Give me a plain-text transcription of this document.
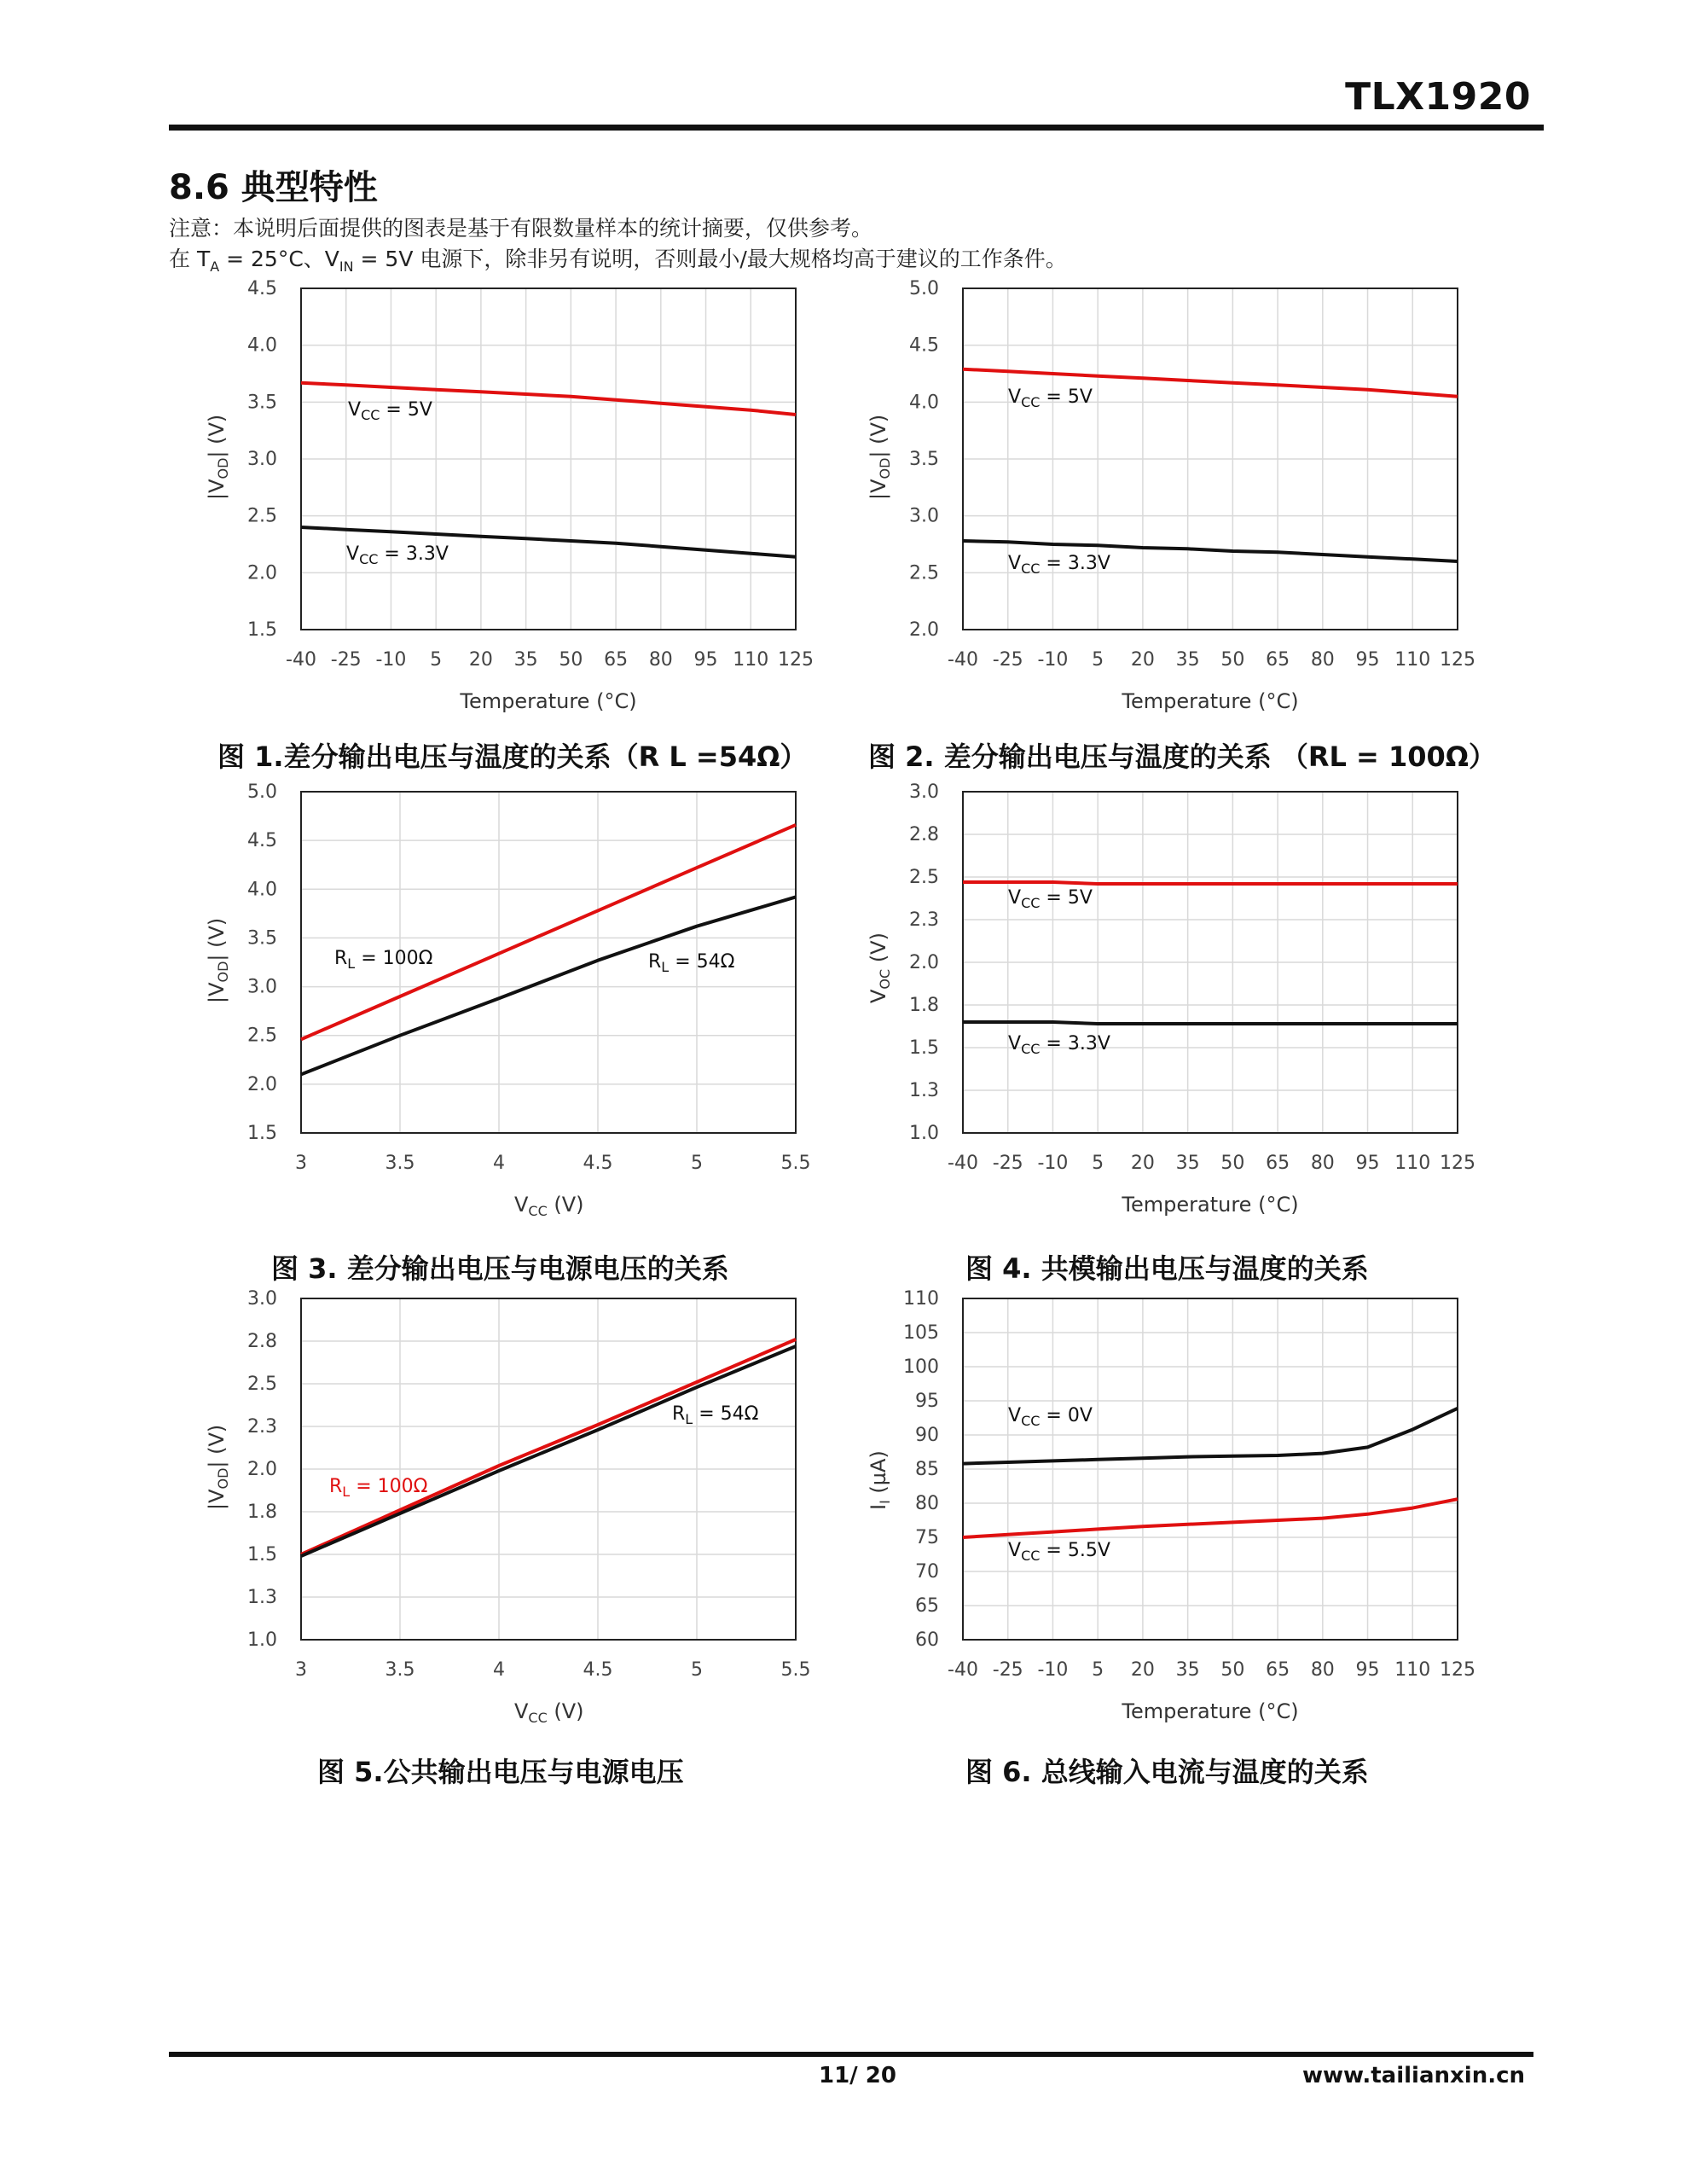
TLX1920
8.6 典型特性
注意：本说明后面提供的图表是基于有限数量样本的统计摘要，仅供参考。
在 $T_A = 25^\circ C$、$V_{IN} = 5V$ 电源下，除非另有说明，否则最小/最大规格均高于建议的工作条件。
1.5
2.0
2.5
3.0
3.5
4.0
4.5
-40 -25 -10 5 20 35 50 65 80 95 110 125
Temperature (°C)
$|V_{OD}|$ (V)
$V_{CC} = 5V$
$V_{CC} = 3.3V$
2.0
2.5
3.0
3.5
4.0
4.5
5.0
-40 -25 -10 5 20 35 50 65 80 95 110 125
Temperature (°C)
$|V_{OD}|$ (V)
$V_{CC} = 5V$
$V_{CC} = 3.3V$
1.5
2.0
2.5
3.0
3.5
4.0
4.5
5.0
3	3.5	4	4.5	5	5.5
$V_{CC}$ (V)
$|V_{OD}|$ (V)	$R_L = 100\Omega$	$R_L = 54\Omega$
1.0
1.3
1.5
1.8
2.0
2.3
2.5
2.8
3.0
-40 -25 -10 5 20 35 50 65 80 95 110 125
Temperature (°C)
$V_{OC}$ (V)
$V_{CC} = 5V$
$V_{CC} = 3.3V$
1.0
1.3
1.5
1.8
2.0
2.3
2.5
2.8
3.0
3	3.5	4	4.5	5	5.5
$V_{CC}$ (V)
$|V_{OD}|$ (V)
$R_L = 100\Omega$
$R_L = 54\Omega$
60
65
70
75
80
85
90
95
100
105
110
-40 -25 -10 5 20 35 50 65 80 95 110 125
Temperature (°C)
$I_I$ (µA)
$V_{CC} = 0V$
$V_{CC} = 5.5V$
图 1.差分输出电压与温度的关系（R L =54Ω） 图 2. 差分输出电压与温度的关系 （RL = 100Ω）
图 3. 差分输出电压与电源电压的关系	图 4. 共模输出电压与温度的关系
图 5.公共输出电压与电源电压	图 6. 总线输入电流与温度的关系
11/ 20	www.tailianxin.cn
